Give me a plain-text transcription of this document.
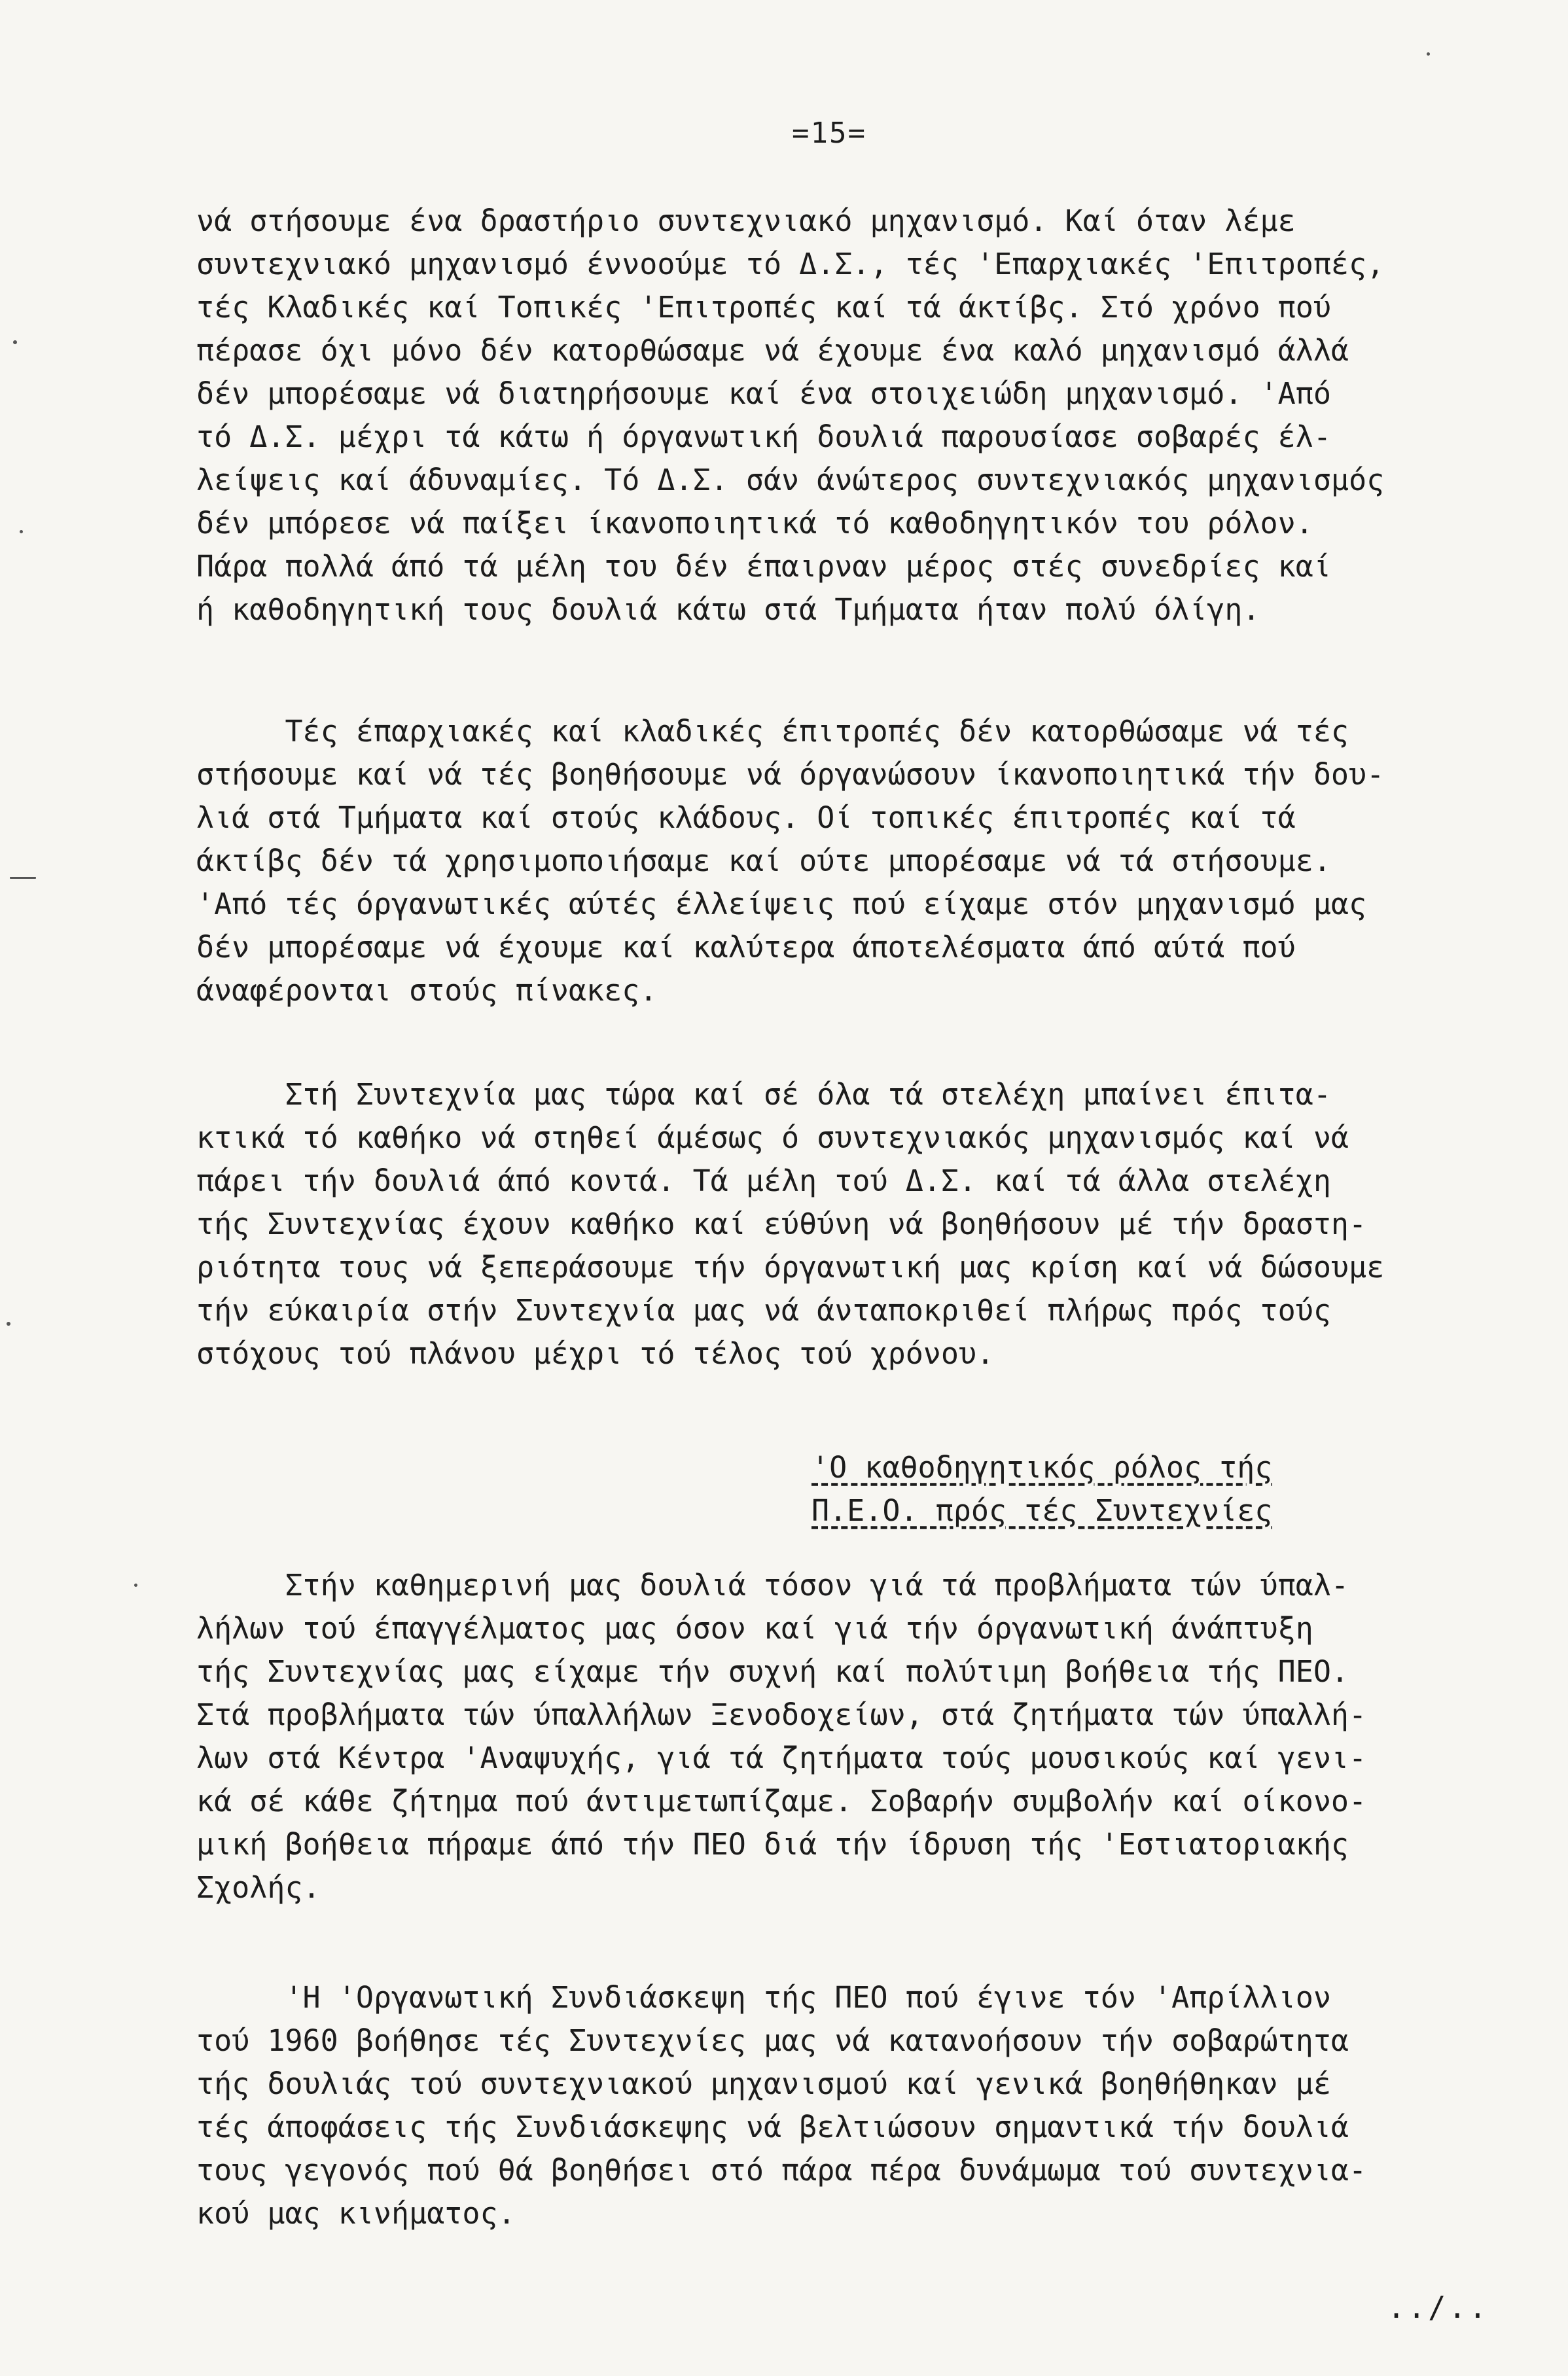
=15=
νά στήσουμε ένα δραστήριο συντεχνιακό μηχανισμό. Καί όταν λέμε
συντεχνιακό μηχανισμό έννοούμε τό Δ.Σ., τές 'Επαρχιακές 'Επιτροπές,
τές Κλαδικές καί Τοπικές 'Επιτροπές καί τά άκτίβς. Στό χρόνο πού
πέρασε όχι μόνο δέν κατορθώσαμε νά έχουμε ένα καλό μηχανισμό άλλά
δέν μπορέσαμε νά διατηρήσουμε καί ένα στοιχειώδη μηχανισμό. 'Από
τό Δ.Σ. μέχρι τά κάτω ή όργανωτική δουλιά παρουσίασε σοβαρές έλ-
λείψεις καί άδυναμίες. Τό Δ.Σ. σάν άνώτερος συντεχνιακός μηχανισμός
δέν μπόρεσε νά παίξει ίκανοποιητικά τό καθοδηγητικόν του ρόλον.
Πάρα πολλά άπό τά μέλη του δέν έπαιρναν μέρος στές συνεδρίες καί
ή καθοδηγητική τους δουλιά κάτω στά Τμήματα ήταν πολύ όλίγη.
Τές έπαρχιακές καί κλαδικές έπιτροπές δέν κατορθώσαμε νά τές
στήσουμε καί νά τές βοηθήσουμε νά όργανώσουν ίκανοποιητικά τήν δου-
λιά στά Τμήματα καί στούς κλάδους. Οί τοπικές έπιτροπές καί τά
άκτίβς δέν τά χρησιμοποιήσαμε καί ούτε μπορέσαμε νά τά στήσουμε.
'Από τές όργανωτικές αύτές έλλείψεις πού είχαμε στόν μηχανισμό μας
δέν μπορέσαμε νά έχουμε καί καλύτερα άποτελέσματα άπό αύτά πού
άναφέρονται στούς πίνακες.
Στή Συντεχνία μας τώρα καί σέ όλα τά στελέχη μπαίνει έπιτα-
κτικά τό καθήκο νά στηθεί άμέσως ό συντεχνιακός μηχανισμός καί νά
πάρει τήν δουλιά άπό κοντά. Τά μέλη τού Δ.Σ. καί τά άλλα στελέχη
τής Συντεχνίας έχουν καθήκο καί εύθύνη νά βοηθήσουν μέ τήν δραστη-
ριότητα τους νά ξεπεράσουμε τήν όργανωτική μας κρίση καί νά δώσουμε
τήν εύκαιρία στήν Συντεχνία μας νά άνταποκριθεί πλήρως πρός τούς
στόχους τού πλάνου μέχρι τό τέλος τού χρόνου.
'Ο καθοδηγητικός ρόλος τής
Π.Ε.Ο. πρός τές Συντεχνίες
Στήν καθημερινή μας δουλιά τόσον γιά τά προβλήματα τών ύπαλ-
λήλων τού έπαγγέλματος μας όσον καί γιά τήν όργανωτική άνάπτυξη
τής Συντεχνίας μας είχαμε τήν συχνή καί πολύτιμη βοήθεια τής ΠΕΟ.
Στά προβλήματα τών ύπαλλήλων Ξενοδοχείων, στά ζητήματα τών ύπαλλή-
λων στά Κέντρα 'Αναψυχής, γιά τά ζητήματα τούς μουσικούς καί γενι-
κά σέ κάθε ζήτημα πού άντιμετωπίζαμε. Σοβαρήν συμβολήν καί οίκονο-
μική βοήθεια πήραμε άπό τήν ΠΕΟ διά τήν ίδρυση τής 'Εστιατοριακής
Σχολής.
'Η 'Οργανωτική Συνδιάσκεψη τής ΠΕΟ πού έγινε τόν 'Απρίλλιον
τού 1960 βοήθησε τές Συντεχνίες μας νά κατανοήσουν τήν σοβαρώτητα
τής δουλιάς τού συντεχνιακού μηχανισμού καί γενικά βοηθήθηκαν μέ
τές άποφάσεις τής Συνδιάσκεψης νά βελτιώσουν σημαντικά τήν δουλιά
τους γεγονός πού θά βοηθήσει στό πάρα πέρα δυνάμωμα τού συντεχνια-
κού μας κινήματος.
../..
